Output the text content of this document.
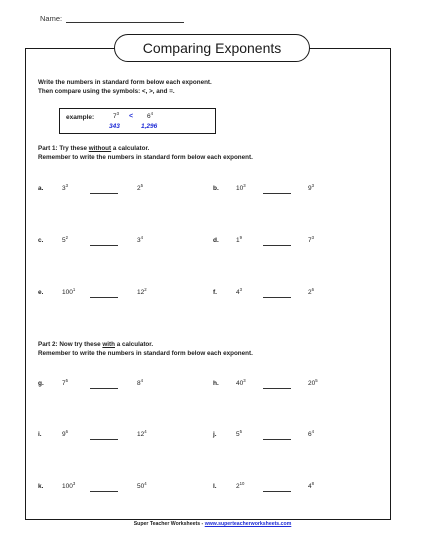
Name:
Comparing Exponents
Write the numbers in standard form below each exponent.
Then compare using the symbols: <, >, and =.
example:	$7^3 < 6^4$
343	1,296
Part 1: Try these without a calculator.
Remember to write the numbers in standard form below each exponent.
a.	$3^3$	$2^5$	b.	$10^3$	$9^3$
c.	$5^2$	$3^4$	d.	$1^9$	$7^3$
e.	$100^1$	$12^2$	f.	$4^3$	$2^6$
Part 2: Now try these with a calculator.
Remember to write the numbers in standard form below each exponent.
g.	$7^5$	$8^4$	h.	$40^3$	$20^5$
i.	$9^6$	$12^4$	j.	$5^5$	$6^4$
k.	$100^3$	$50^4$	l.	$2^{10}$	$4^8$
Super Teacher Worksheets - www.superteacherworksheets.com
